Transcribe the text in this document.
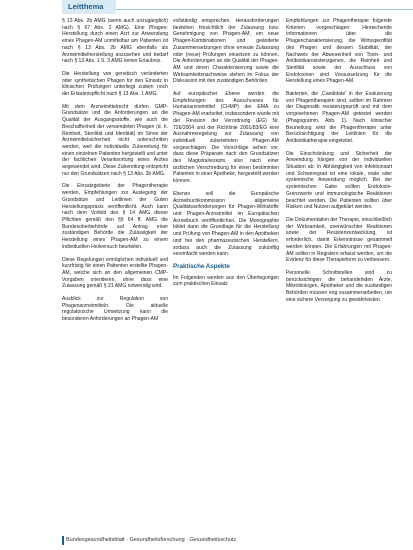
Leitthema

§ 13 Abs. 2b AMG (wenn auch unzugänglich) nach § 67 Abs. 2 AMG). Eine Phagen-Herstellung durch einen Arzt zur Anwendung eines Phagen-AM unmittelbar am Patienten ist nach § 13 Abs. 2b AMG ebenfalls als Arzneimittelherstellung anzusehen und bedarf nach § 13 Abs. 1 S. 3 AMG keiner Erlaubnis.

Die Herstellung von genetisch veränderten oder synthetischen Phagen für den Einsatz in klinischen Prüfungen unterliegt zudem noch der Erlaubnispflicht nach § 13 Abs. 1 AMG.

Mit dem Arzneimittelrecht dürfen GMP-Grundsätze und die Anforderungen an die Qualität der Ausgangsstoffe, wie auch die Beschaffenheit der verwendeten Phagen (d. h. Reinheit, Sterilität und Identität) im Sinne der Arzneimittelsicherheit nicht unterschritten werden, weil die individuelle Zubereitung für einen einzelnen Patienten hergestellt und unter der fachlichen Verantwortung eines Arztes angewendet wird. Diese Zubereitung entspricht nur den Grundsätzen nach § 13 Abs. 2b AMG.

Die Einsatzgebiete der Phagentherapie werden, Empfehlungen zur Auslegung der Grundsätze und Leitlinien der Guten Herstellungspraxis veröffentlicht. Auch kann nach dem Vorbild des § 14 AMG dieser Pflichten gemäß den §§ 64 ff. AMG die Bundesoberbehörde auf Antrag einer zuständigen Behörde die Zulässigkeit der Herstellung eines Phagen-AM zu einem individuellen Heilversuch beurteilen.

Diese Regelungen ermöglichen individuell und kurzfristig für einen Patienten erstellte Phagen-AM, welche sich an den allgemeinen CMP-Vorgaben orientieren, ohne dass eine Zulassung gemäß § 21 AMG notwendig wird.

Ausblick zur Regulation von Phagenarzneimitteln. Die aktuelle regulatorische Umsetzung kann die besonderen Anforderungen an Phagen-AM

vollständig entsprechen. Herausforderungen bestehen hinsichtlich der Zulassung bzw. Genehmigung von Phagen-AM, um neue Phagen-Kombinationen und geänderte Zusammensetzungen ohne erneute Zulassung oder (neue) Prüfungen einsetzen zu können. Die Anforderungen an die Qualität der Phagen-AM und deren Charakterisierung sowie die Wirksamkeitsnachweise stehen im Fokus der Diskussion mit den zuständigen Behörden.

Auf europäischer Ebene werden die Empfehlungen des Ausschusses für Humanarzneimittel (CHMP) der EMA zu Phagen-AM erarbeitet, insbesondere wurde mit der Revision der Verordnung (EG) Nr. 726/2004 und der Richtlinie 2001/83/EG eine Ausnahmeregelung zur Zulassung von individuell zubereiteten Phagen-AM vorgeschlagen. Die Vorschläge sehen vor, dass diese Präparate nach den Grundsätzen des Magistralrezepts, also nach einer ärztlichen Verschreibung für einen bestimmten Patienten in einer Apotheke, hergestellt werden können.

Ebenso soll die Europäische Arzneibuchkommission allgemeine Qualitätsanforderungen für Phagen-Wirkstoffe und Phagen-Arzneimittel im Europäischen Arzneibuch veröffentlichen. Die Monographie bildet dann die Grundlage für die Herstellung und Prüfung von Phagen-AM in den Apotheken und bei den pharmazeutischen Herstellern, sodass auch die Zulassung zukünftig vereinfacht werden kann.

Praktische Aspekte

Im Folgenden werden aus den Überlegungen zum praktischen Einsatz

Empfehlungen zur Phagentherapie folgende Kriterien vorgeschlagen: Hinreichende Informationen über die Phagencharakterisierung, die Wirtsspezifität des Phagen und dessen Stabilität, der Nachweis der Abwesenheit von Toxin- und Antibiotikaresistenzgenen, die Reinheit und Sterilität sowie der Ausschluss von Endotoxinen sind Voraussetzung für die Herstellung eines Phagen-AM.

Bakterien, die ,Candidate' in der Evaluierung von Phagentherapien sind, sollten im Rahmen der Diagnostik resistenzgeprüft und mit dem vorgesehenen Phagen-AM getestet werden (Phagogramm, Abb. 1). Nach klinischer Beurteilung wird die Phagentherapie unter Berücksichtigung der Leitlinien für die Antibiotikatherapie eingeleitet.

Die Einschränkung und Sicherheit der Anwendung hängen von der individuellen Situation ab: In Abhängigkeit von Infektionsart und Schweregrad ist eine lokale, orale oder systemische Anwendung möglich. Bei der systemischen Gabe sollten Endotoxin-Grenzwerte und immunologische Reaktionen beachtet werden. Die Patienten sollten über Risiken und Nutzen aufgeklärt werden.

Die Dokumentation der Therapie, einschließlich der Wirksamkeit, unerwünschter Reaktionen sowie der Resistenzentwicklung, ist erforderlich, damit Erkenntnisse gesammelt werden können. Die Erfahrungen mit Phagen-AM sollten in Registern erfasst werden, um die Evidenz für diese Therapieform zu verbessern.

Personelle Schnittstellen sind zu berücksichtigen: die behandelnden Ärzte, Mikrobiologen, Apotheker und die zuständigen Behörden müssen eng zusammenarbeiten, um eine sichere Versorgung zu gewährleisten.

Bundesgesundheitsblatt · Gesundheitsforschung · Gesundheitsschutz
